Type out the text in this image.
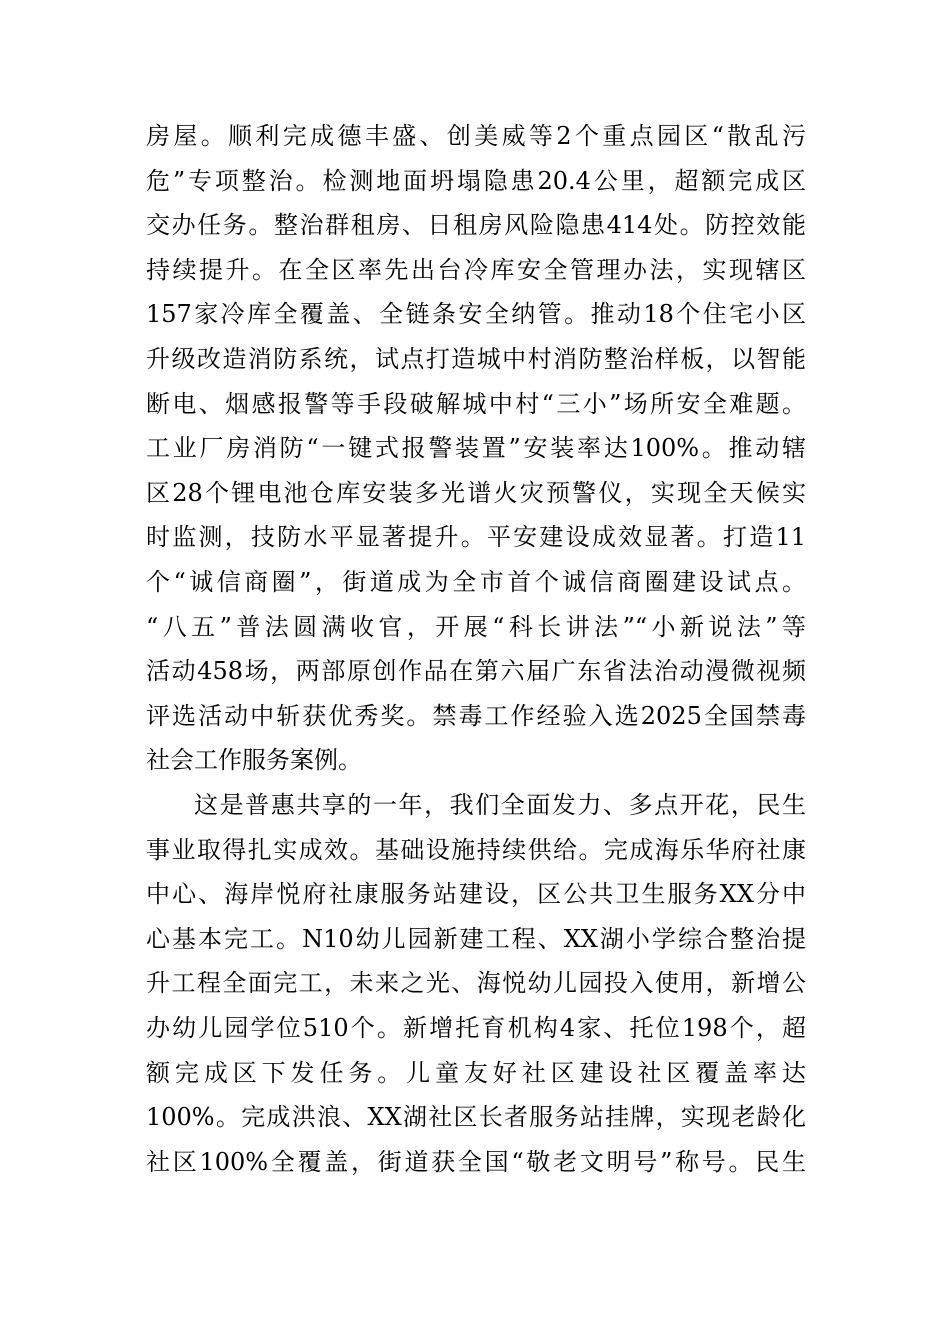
房屋。顺利完成德丰盛、创美威等2个重点园区“散乱污
危”专项整治。检测地面坍塌隐患20.4公里，超额完成区
交办任务。整治群租房、日租房风险隐患414处。防控效能
持续提升。在全区率先出台冷库安全管理办法，实现辖区
157家冷库全覆盖、全链条安全纳管。推动18个住宅小区
升级改造消防系统，试点打造城中村消防整治样板，以智能
断电、烟感报警等手段破解城中村“三小”场所安全难题。
工业厂房消防“一键式报警装置”安装率达100%。推动辖
区28个锂电池仓库安装多光谱火灾预警仪，实现全天候实
时监测，技防水平显著提升。平安建设成效显著。打造11
个“诚信商圈”，街道成为全市首个诚信商圈建设试点。
“八五”普法圆满收官，开展“科长讲法”“小新说法”等
活动458场，两部原创作品在第六届广东省法治动漫微视频
评选活动中斩获优秀奖。禁毒工作经验入选2025全国禁毒
社会工作服务案例。
这是普惠共享的一年，我们全面发力、多点开花，民生
事业取得扎实成效。基础设施持续供给。完成海乐华府社康
中心、海岸悦府社康服务站建设，区公共卫生服务XX分中
心基本完工。N10幼儿园新建工程、XX湖小学综合整治提
升工程全面完工，未来之光、海悦幼儿园投入使用，新增公
办幼儿园学位510个。新增托育机构4家、托位198个，超
额完成区下发任务。儿童友好社区建设社区覆盖率达
100%。完成洪浪、XX湖社区长者服务站挂牌，实现老龄化
社区100%全覆盖，街道获全国“敬老文明号”称号。民生
